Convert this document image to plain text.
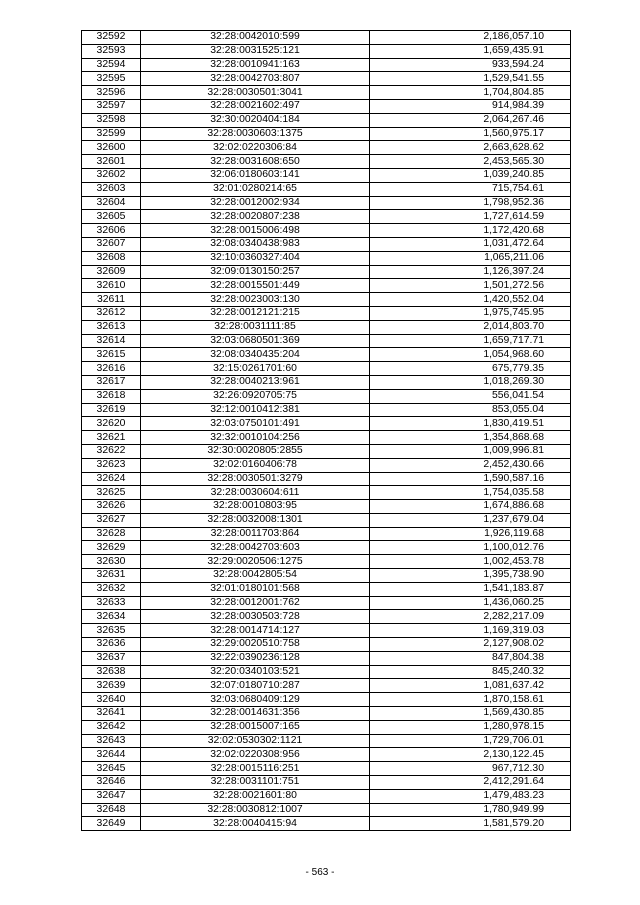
32592	32:28:0042010:599	2,186,057.10
32593	32:28:0031525:121	1,659,435.91
32594	32:28:0010941:163	933,594.24
32595	32:28:0042703:807	1,529,541.55
32596	32:28:0030501:3041	1,704,804.85
32597	32:28:0021602:497	914,984.39
32598	32:30:0020404:184	2,064,267.46
32599	32:28:0030603:1375	1,560,975.17
32600	32:02:0220306:84	2,663,628.62
32601	32:28:0031608:650	2,453,565.30
32602	32:06:0180603:141	1,039,240.85
32603	32:01:0280214:65	715,754.61
32604	32:28:0012002:934	1,798,952.36
32605	32:28:0020807:238	1,727,614.59
32606	32:28:0015006:498	1,172,420.68
32607	32:08:0340438:983	1,031,472.64
32608	32:10:0360327:404	1,065,211.06
32609	32:09:0130150:257	1,126,397.24
32610	32:28:0015501:449	1,501,272.56
32611	32:28:0023003:130	1,420,552.04
32612	32:28:0012121:215	1,975,745.95
32613	32:28:0031111:85	2,014,803.70
32614	32:03:0680501:369	1,659,717.71
32615	32:08:0340435:204	1,054,968.60
32616	32:15:0261701:60	675,779.35
32617	32:28:0040213:961	1,018,269.30
32618	32:26:0920705:75	556,041.54
32619	32:12:0010412:381	853,055.04
32620	32:03:0750101:491	1,830,419.51
32621	32:32:0010104:256	1,354,868.68
32622	32:30:0020805:2855	1,009,996.81
32623	32:02:0160406:78	2,452,430.66
32624	32:28:0030501:3279	1,590,587.16
32625	32:28:0030604:611	1,754,035.58
32626	32:28:0010803:95	1,674,886.68
32627	32:28:0032008:1301	1,237,679.04
32628	32:28:0011703:864	1,926,119.68
32629	32:28:0042703:603	1,100,012.76
32630	32:29:0020506:1275	1,002,453.78
32631	32:28:0042805:54	1,395,738.90
32632	32:01:0180101:568	1,541,183.87
32633	32:28:0012001:762	1,436,060.25
32634	32:28:0030503:728	2,282,217.09
32635	32:28:0014714:127	1,169,319.03
32636	32:29:0020510:758	2,127,908.02
32637	32:22:0390236:128	847,804.38
32638	32:20:0340103:521	845,240.32
32639	32:07:0180710:287	1,081,637.42
32640	32:03:0680409:129	1,870,158.61
32641	32:28:0014631:356	1,569,430.85
32642	32:28:0015007:165	1,280,978.15
32643	32:02:0530302:1121	1,729,706.01
32644	32:02:0220308:956	2,130,122.45
32645	32:28:0015116:251	967,712.30
32646	32:28:0031101:751	2,412,291.64
32647	32:28:0021601:80	1,479,483.23
32648	32:28:0030812:1007	1,780,949.99
32649	32:28:0040415:94	1,581,579.20
- 563 -
